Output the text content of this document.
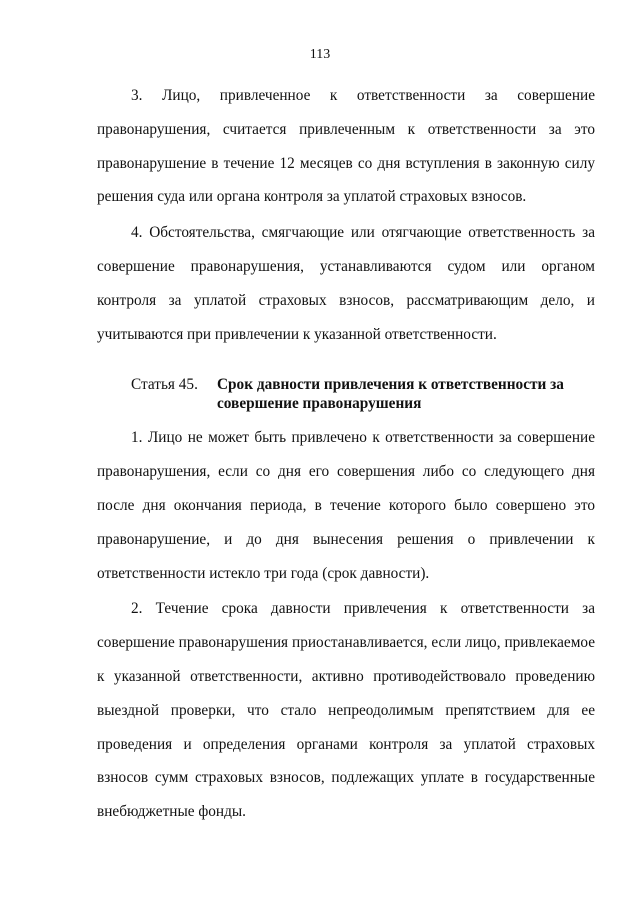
113

3. Лицо, привлеченное к ответственности за совершение правонарушения, считается привлеченным к ответственности за это правонарушение в течение 12 месяцев со дня вступления в законную силу решения суда или органа контроля за уплатой страховых взносов.

4. Обстоятельства, смягчающие или отягчающие ответственность за совершение правонарушения, устанавливаются судом или органом контроля за уплатой страховых взносов, рассматривающим дело, и учитываются при привлечении к указанной ответственности.

Статья 45. Срок давности привлечения к ответственности за совершение правонарушения

1. Лицо не может быть привлечено к ответственности за совершение правонарушения, если со дня его совершения либо со следующего дня после дня окончания периода, в течение которого было совершено это правонарушение, и до дня вынесения решения о привлечении к ответственности истекло три года (срок давности).

2. Течение срока давности привлечения к ответственности за совершение правонарушения приостанавливается, если лицо, привлекаемое к указанной ответственности, активно противодействовало проведению выездной проверки, что стало непреодолимым препятствием для ее проведения и определения органами контроля за уплатой страховых взносов сумм страховых взносов, подлежащих уплате в государственные внебюджетные фонды.
